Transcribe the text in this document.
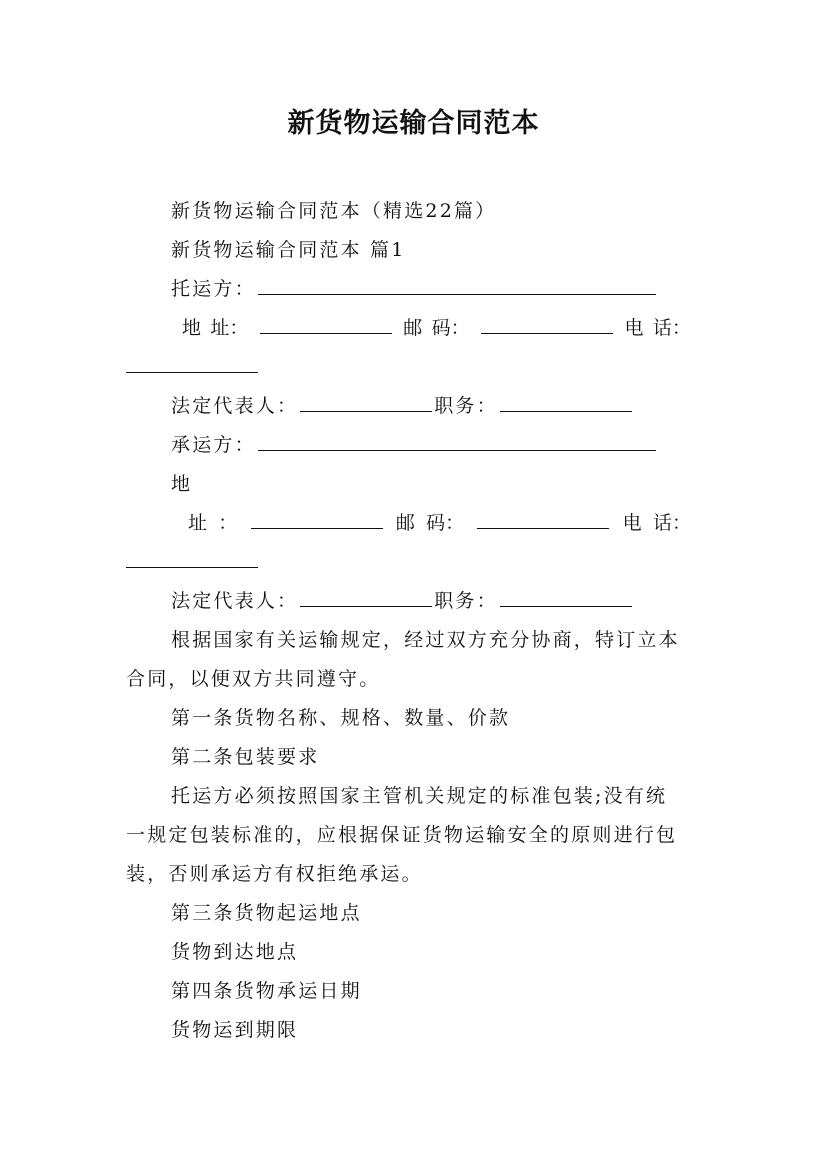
新货物运输合同范本
新货物运输合同范本（精选22篇）
新货物运输合同范本 篇1
托运方：
地 址：	邮 码：	电 话：
法定代表人：	职务：
承运方：
地
址 ：	邮 码：	电 话：
法定代表人：	职务：
根据国家有关运输规定，经过双方充分协商，特订立本
合同，以便双方共同遵守。
第一条货物名称、规格、数量、价款
第二条包装要求
托运方必须按照国家主管机关规定的标准包装;没有统
一规定包装标准的，应根据保证货物运输安全的原则进行包
装，否则承运方有权拒绝承运。
第三条货物起运地点
货物到达地点
第四条货物承运日期
货物运到期限
